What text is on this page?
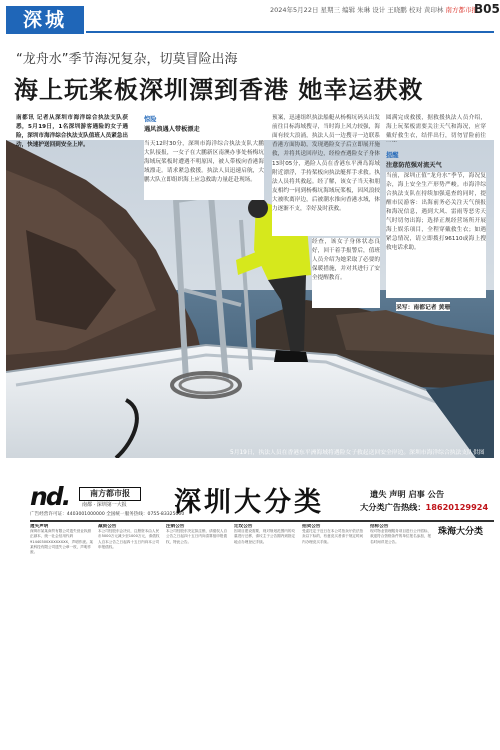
深城	2024年5月22日 星期三 编辑 朱琳 设计 王晓鹏 校对 黄印林 南方都市报
B05
“龙舟水”季节海况复杂，切莫冒险出海
海上玩桨板深圳漂到香港 她幸运获救
南都讯 记者从深圳市海洋综合执法支队获悉，5月19日，1名深圳游客遇险的女子遇险，深圳市海洋综合执法支队值班人员紧急出动，快速护送回到安全上岸。
惊险
遇风浪遇人带板漂走
当天12时30分，深圳市海洋综合执法支队大鹏大队接报，一女子在大鹏新区南澳办事处杨梅坑海域玩桨板时遭遇不明原因，被人带板向香港海域漂走。请求紧急救援。执法人员迅速启航，大鹏大队立即组织海上应急救助力量赶赴现场。
预案，迅速组织执法船艇从杨梅坑码头出发前往目标海域搜寻，当时海上风力较强，海面有较大浪涌，执法人员一边搜寻一边联系香港方面协助，发现遇险女子后立即展开施救，并将其送回岸边，经检查遇险女子身体
13时05分，遇险人员在香港东平洲岛海域附近漂浮，手持桨板向执法艇挥手求救。执法人员将其救起。经了解，该女子当天和朋友相约一同到杨梅坑海域玩桨板，因风浪较大被吹离岸边，后被潮水推向香港水域，体力逐渐不支，幸好及时获救。
经查，该女子身体状态良好，回干着手报警后，值班人员介绍为她采取了必要的保暖措施，并对其进行了安全提醒教育。
圆满完成救援，据救援执法人员介绍，海上玩桨板需要关注天气和海况，应穿戴好救生衣，结伴出行，切勿冒险前往
提醒
注意防范强对流天气
当前，深圳正值“龙舟水”季节，海况复杂，海上安全生产形势严峻。市海洋综合执法支队在持续加强巡查的同时，提醒市民游客：出海前务必关注天气预报和海况信息，遇到大风、雷雨等恶劣天气时切勿出海；选择正规经营场所开展海上娱乐项目，全程穿戴救生衣；如遇紧急情况，请立即拨打96110或海上搜救电话求助。
采写：南都记者 黄珊
5月19日，执法人员在香港东平洲海域将遇险女子救起送回安全岸边。深圳市海洋综合执法支队供图
nd.	南方都市报
南都 · 深圳第一大报
广告经营许可证：4403001000000 全国统一服务热线：0755-83325000
深圳大分类	遗失 声明 启事 公告
大分类广告热线：18620129924
遗失声明
深圳市某某商贸有限公司遗失营业执照正副本，统一社会信用代码91440300XXXXXXXX，声明作废。某某科技有限公司遗失公章一枚，声明作废。
减资公告
本公司经股东会决议，注册资本由人民币5000万元减少至1000万元，请债权人自本公告之日起四十五日内向本公司申报债权。
注销公告
本公司经股东决定拟注销，请债权人自公告之日起四十五日内向清算组申报债权，特此公告。
迁坟公告
因项目建设需要，现对规划范围内的坟墓进行迁移，请坟主于公告期内到指定地点办理登记手续。
拍卖公告
受委托定于近日在本公司拍卖厅依法拍卖以下标的，有意竞买者请于规定时间内办理竞买手续。
招标公告
现对物业管理服务项目进行公开招标，欢迎符合资格条件的单位报名参加，报名时间详见公告。
珠海大分类
